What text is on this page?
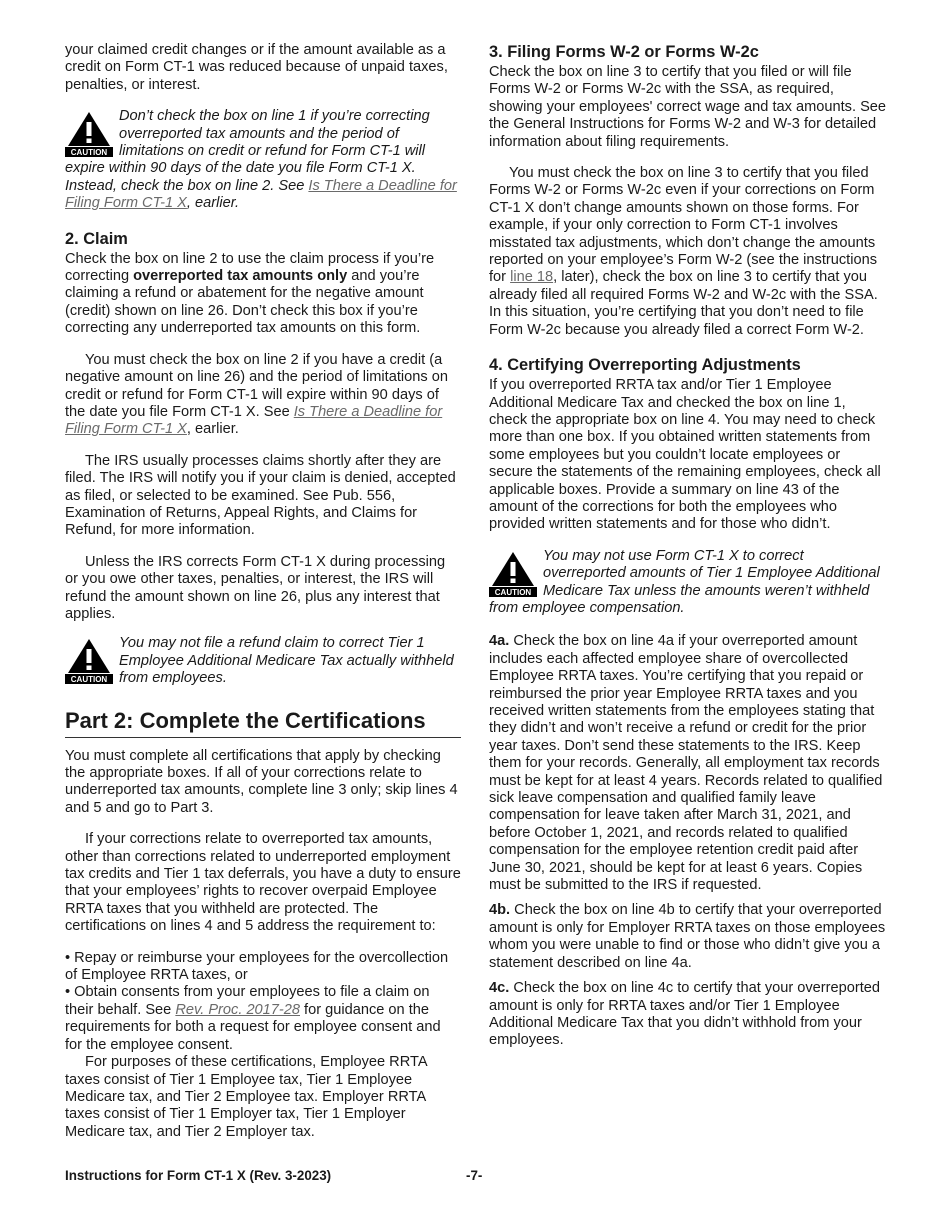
your claimed credit changes or if the amount available as a credit on Form CT-1 was reduced because of unpaid taxes, penalties, or interest.

CAUTION
Don’t check the box on line 1 if you’re correcting overreported tax amounts and the period of limitations on credit or refund for Form CT-1 will expire within 90 days of the date you file Form CT-1 X. Instead, check the box on line 2. See Is There a Deadline for Filing Form CT-1 X, earlier.
2. Claim

Check the box on line 2 to use the claim process if you’re correcting overreported tax amounts only and you’re claiming a refund or abatement for the negative amount (credit) shown on line 26. Don’t check this box if you’re correcting any underreported tax amounts on this form.

You must check the box on line 2 if you have a credit (a negative amount on line 26) and the period of limitations on credit or refund for Form CT-1 will expire within 90 days of the date you file Form CT-1 X. See Is There a Deadline for Filing Form CT-1 X, earlier.

The IRS usually processes claims shortly after they are filed. The IRS will notify you if your claim is denied, accepted as filed, or selected to be examined. See Pub. 556, Examination of Returns, Appeal Rights, and Claims for Refund, for more information.

Unless the IRS corrects Form CT-1 X during processing or you owe other taxes, penalties, or interest, the IRS will refund the amount shown on line 26, plus any interest that applies.

CAUTION
You may not file a refund claim to correct Tier 1 Employee Additional Medicare Tax actually withheld from employees.
Part 2: Complete the Certifications

You must complete all certifications that apply by checking the appropriate boxes. If all of your corrections relate to underreported tax amounts, complete line 3 only; skip lines 4 and 5 and go to Part 3.

If your corrections relate to overreported tax amounts, other than corrections related to underreported employment tax credits and Tier 1 tax deferrals, you have a duty to ensure that your employees’ rights to recover overpaid Employee RRTA taxes that you withheld are protected. The certifications on lines 4 and 5 address the requirement to:

• Repay or reimburse your employees for the overcollection of Employee RRTA taxes, or
• Obtain consents from your employees to file a claim on their behalf. See Rev. Proc. 2017-28 for guidance on the requirements for both a request for employee consent and for the employee consent.

For purposes of these certifications, Employee RRTA taxes consist of Tier 1 Employee tax, Tier 1 Employee Medicare tax, and Tier 2 Employee tax. Employer RRTA taxes consist of Tier 1 Employer tax, Tier 1 Employer Medicare tax, and Tier 2 Employer tax.

3. Filing Forms W-2 or Forms W-2c

Check the box on line 3 to certify that you filed or will file Forms W-2 or Forms W-2c with the SSA, as required, showing your employees' correct wage and tax amounts. See the General Instructions for Forms W-2 and W-3 for detailed information about filing requirements.

You must check the box on line 3 to certify that you filed Forms W-2 or Forms W-2c even if your corrections on Form CT-1 X don’t change amounts shown on those forms. For example, if your only correction to Form CT-1 involves misstated tax adjustments, which don’t change the amounts reported on your employee’s Form W-2 (see the instructions for line 18, later), check the box on line 3 to certify that you already filed all required Forms W-2 and W-2c with the SSA. In this situation, you’re certifying that you don’t need to file Form W-2c because you already filed a correct Form W-2.

4. Certifying Overreporting Adjustments

If you overreported RRTA tax and/or Tier 1 Employee Additional Medicare Tax and checked the box on line 1, check the appropriate box on line 4. You may need to check more than one box. If you obtained written statements from some employees but you couldn’t locate employees or secure the statements of the remaining employees, check all applicable boxes. Provide a summary on line 43 of the amount of the corrections for both the employees who provided written statements and for those who didn’t.

CAUTION
You may not use Form CT-1 X to correct overreported amounts of Tier 1 Employee Additional Medicare Tax unless the amounts weren’t withheld from employee compensation.

4a. Check the box on line 4a if your overreported amount includes each affected employee share of overcollected Employee RRTA taxes. You’re certifying that you repaid or reimbursed the prior year Employee RRTA taxes and you received written statements from the employees stating that they didn’t and won’t receive a refund or credit for the prior year taxes. Don’t send these statements to the IRS. Keep them for your records. Generally, all employment tax records must be kept for at least 4 years. Records related to qualified sick leave compensation and qualified family leave compensation for leave taken after March 31, 2021, and before October 1, 2021, and records related to qualified compensation for the employee retention credit paid after June 30, 2021, should be kept for at least 6 years. Copies must be submitted to the IRS if requested.

4b. Check the box on line 4b to certify that your overreported amount is only for Employer RRTA taxes on those employees whom you were unable to find or those who didn’t give you a statement described on line 4a.

4c. Check the box on line 4c to certify that your overreported amount is only for RRTA taxes and/or Tier 1 Employee Additional Medicare Tax that you didn’t withhold from your employees.

Instructions for Form CT-1 X (Rev. 3-2023)	-7-
